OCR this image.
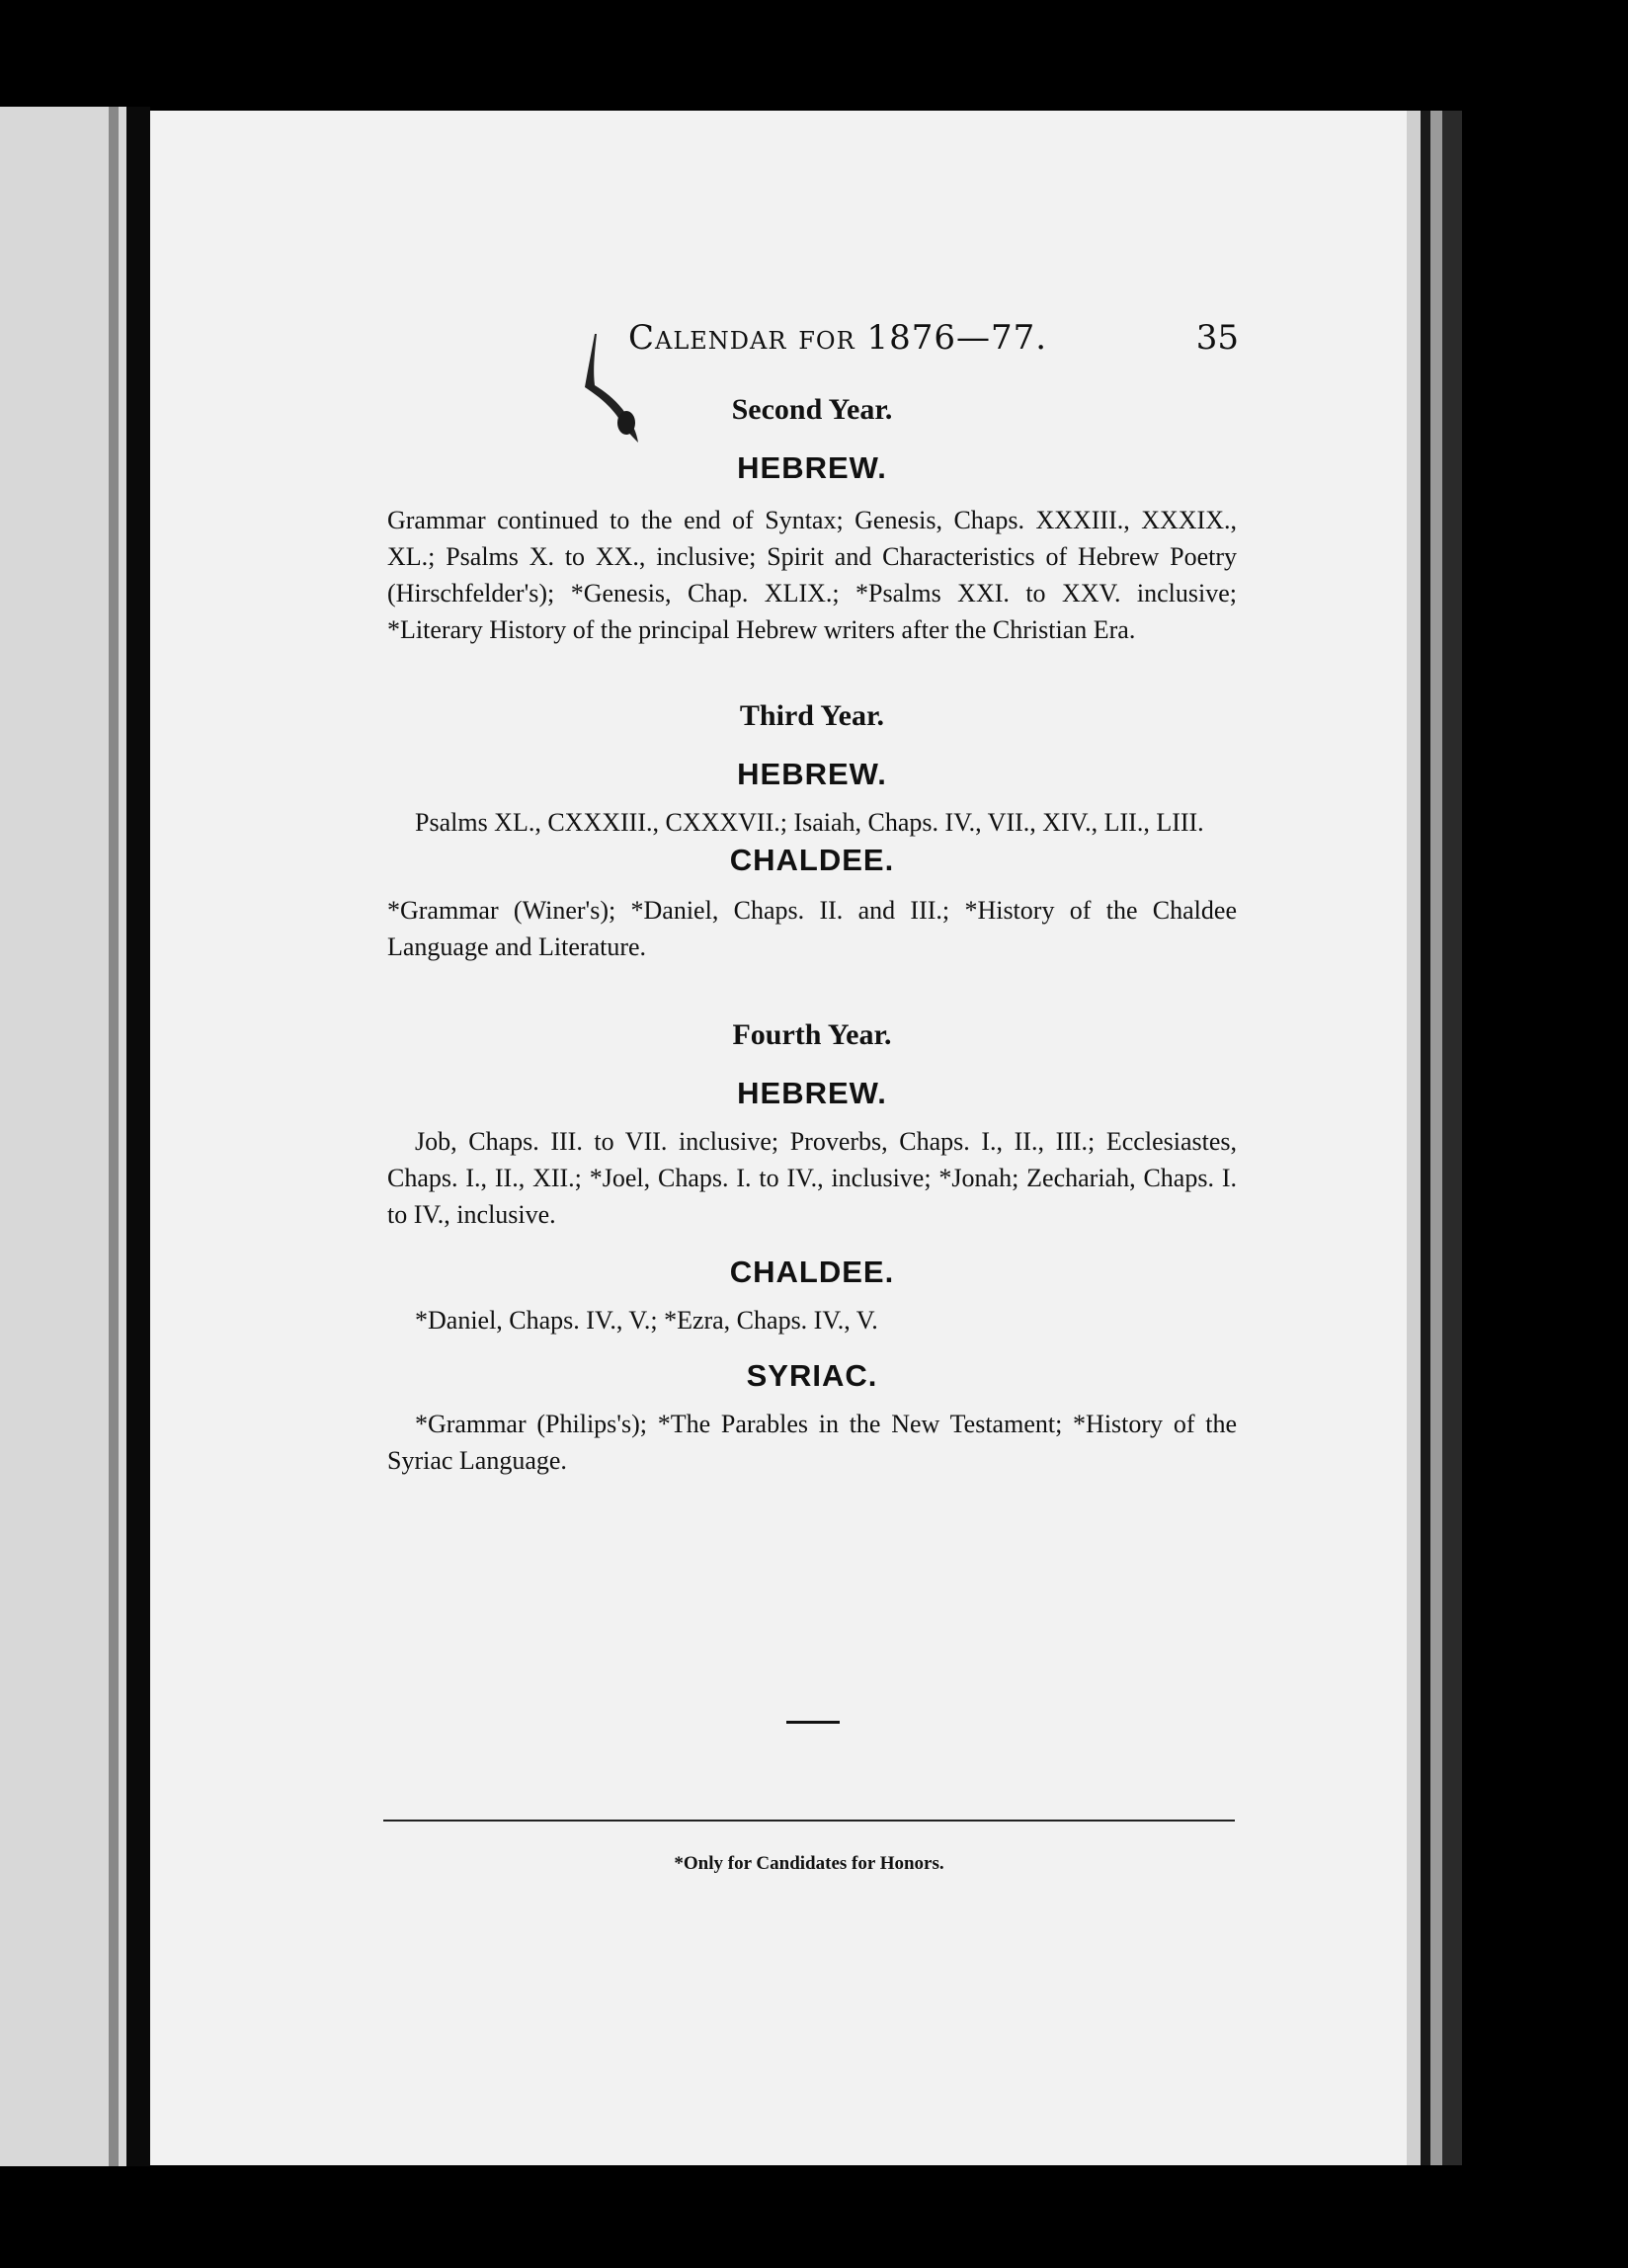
Calendar for 1876—77.	35
Second Year.
HEBREW.

Grammar continued to the end of Syntax; Genesis, Chaps. XXXIII., XXXIX., XL.; Psalms X. to XX., inclusive; Spirit and Characteristics of Hebrew Poetry (Hirschfelder's); *Genesis, Chap. XLIX.; *Psalms XXI. to XXV. inclusive; *Literary History of the principal Hebrew writers after the Christian Era.

Third Year.
HEBREW.

Psalms XL., CXXXIII., CXXXVII.; Isaiah, Chaps. IV., VII., XIV., LII., LIII.

CHALDEE.

*Grammar (Winer's); *Daniel, Chaps. II. and III.; *History of the Chaldee Language and Literature.

Fourth Year.
HEBREW.

Job, Chaps. III. to VII. inclusive; Proverbs, Chaps. I., II., III.; Ecclesiastes, Chaps. I., II., XII.; *Joel, Chaps. I. to IV., inclusive; *Jonah; Zechariah, Chaps. I. to IV., inclusive.

CHALDEE.

*Daniel, Chaps. IV., V.; *Ezra, Chaps. IV., V.

SYRIAC.

*Grammar (Philips's); *The Parables in the New Testament; *History of the Syriac Language.

*Only for Candidates for Honors.
